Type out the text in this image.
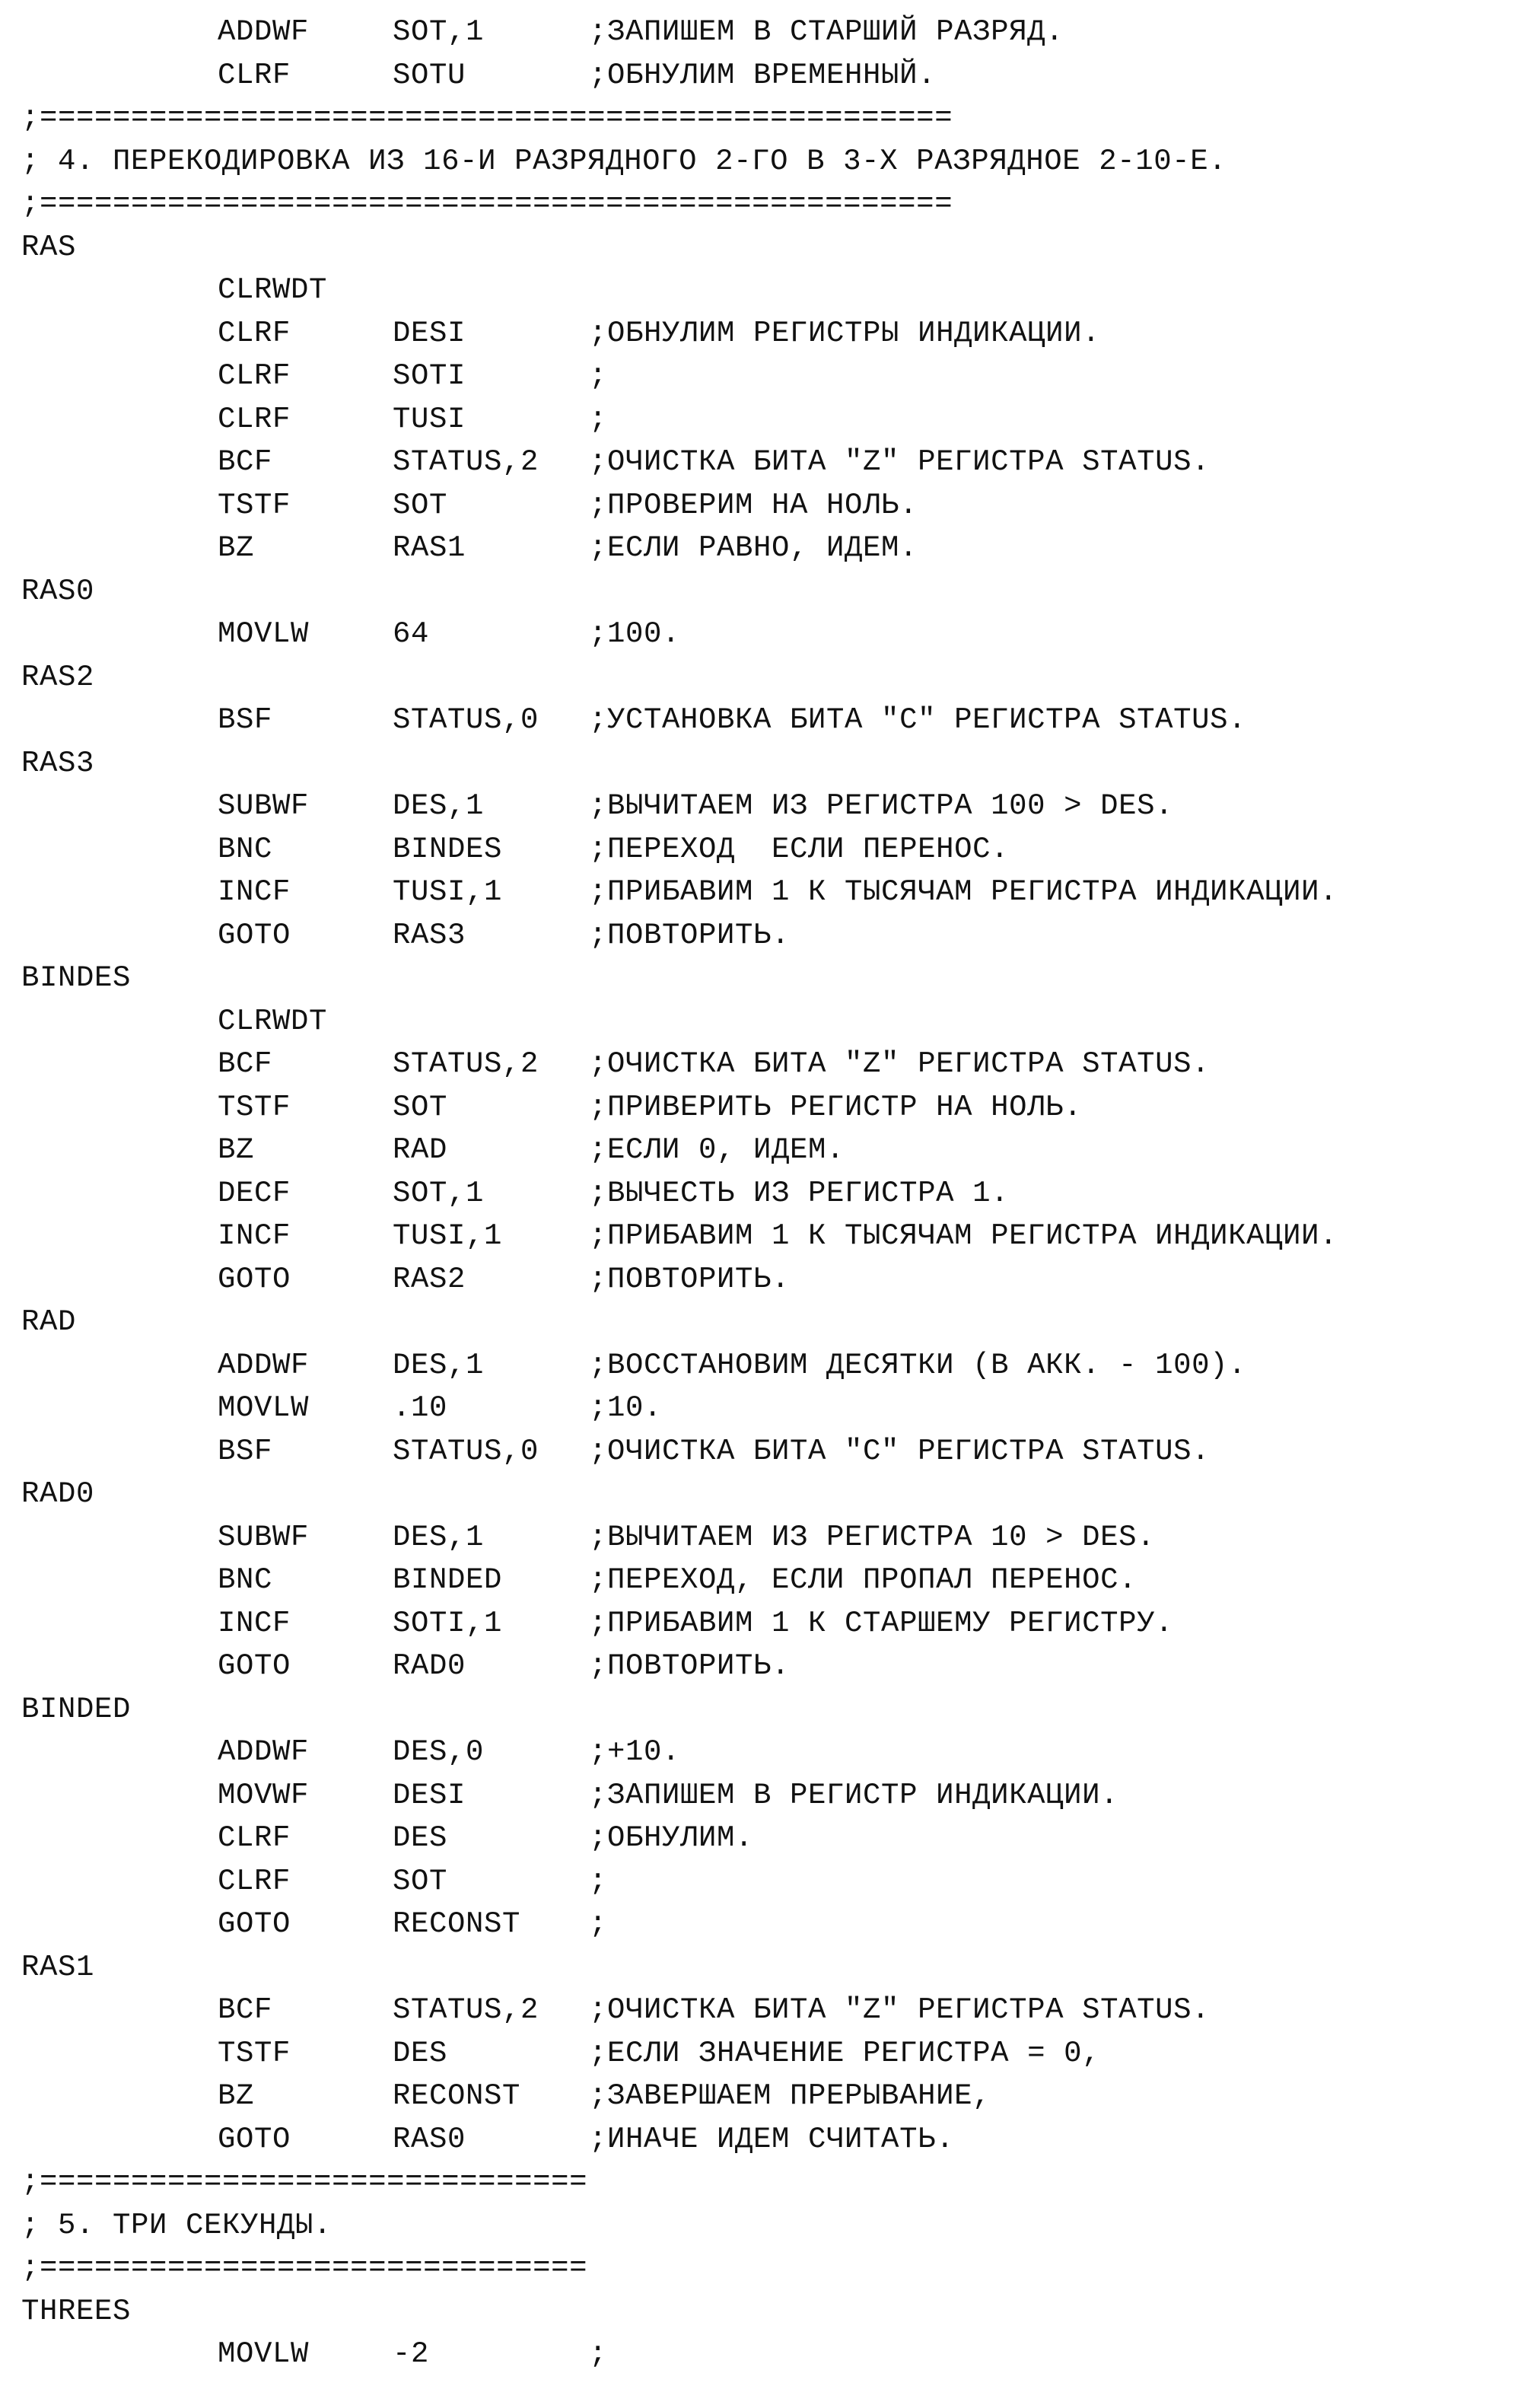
ADDWF	SOT,1	;ЗАПИШЕМ В СТАРШИЙ РАЗРЯД.
CLRF	SOTU	;ОБНУЛИМ ВРЕМЕННЫЙ.
;==================================================
; 4. ПЕРЕКОДИРОВКА ИЗ 16-И РАЗРЯДНОГО 2-ГО В 3-Х РАЗРЯДНОЕ 2-10-Е.
;==================================================
RAS
CLRWDT
CLRF	DESI	;ОБНУЛИМ РЕГИСТРЫ ИНДИКАЦИИ.
CLRF	SOTI	;
CLRF	TUSI	;
BCF	STATUS,2 ;ОЧИСТКА БИТА "Z" РЕГИСТРА STATUS.
TSTF	SOT	;ПРОВЕРИМ НА НОЛЬ.
BZ	RAS1	;ЕСЛИ РАВНО, ИДЕМ.
RAS0
MOVLW	64	;100.
RAS2
BSF	STATUS,0 ;УСТАНОВКА БИТА "С" РЕГИСТРА STATUS.
RAS3
SUBWF	DES,1	;ВЫЧИТАЕМ ИЗ РЕГИСТРА 100 > DES.
BNC	BINDES	;ПЕРЕХОД  ЕСЛИ ПЕРЕНОС.
INCF	TUSI,1	;ПРИБАВИМ 1 К ТЫСЯЧАМ РЕГИСТРА ИНДИКАЦИИ.
GOTO	RAS3	;ПОВТОРИТЬ.
BINDES
CLRWDT
BCF	STATUS,2 ;ОЧИСТКА БИТА "Z" РЕГИСТРА STATUS.
TSTF	SOT	;ПРИВЕРИТЬ РЕГИСТР НА НОЛЬ.
BZ	RAD	;ЕСЛИ 0, ИДЕМ.
DECF	SOT,1	;ВЫЧЕСТЬ ИЗ РЕГИСТРА 1.
INCF	TUSI,1	;ПРИБАВИМ 1 К ТЫСЯЧАМ РЕГИСТРА ИНДИКАЦИИ.
GOTO	RAS2	;ПОВТОРИТЬ.
RAD
ADDWF	DES,1	;ВОССТАНОВИМ ДЕСЯТКИ (В АКК. - 100).
MOVLW	.10	;10.
BSF	STATUS,0 ;ОЧИСТКА БИТА "С" РЕГИСТРА STATUS.
RAD0
SUBWF	DES,1	;ВЫЧИТАЕМ ИЗ РЕГИСТРА 10 > DES.
BNC	BINDED	;ПЕРЕХОД, ЕСЛИ ПРОПАЛ ПЕРЕНОС.
INCF	SOTI,1	;ПРИБАВИМ 1 К СТАРШЕМУ РЕГИСТРУ.
GOTO	RAD0	;ПОВТОРИТЬ.
BINDED
ADDWF	DES,0	;+10.
MOVWF	DESI	;ЗАПИШЕМ В РЕГИСТР ИНДИКАЦИИ.
CLRF	DES	;ОБНУЛИМ.
CLRF	SOT	;
GOTO	RECONST ;
RAS1
BCF	STATUS,2 ;ОЧИСТКА БИТА "Z" РЕГИСТРА STATUS.
TSTF	DES	;ЕСЛИ ЗНАЧЕНИЕ РЕГИСТРА = 0,
BZ	RECONST ;ЗАВЕРШАЕМ ПРЕРЫВАНИЕ,
GOTO	RAS0	;ИНАЧЕ ИДЕМ СЧИТАТЬ.
;==============================
; 5. ТРИ СЕКУНДЫ.
;==============================
THREES
MOVLW	-2	;
